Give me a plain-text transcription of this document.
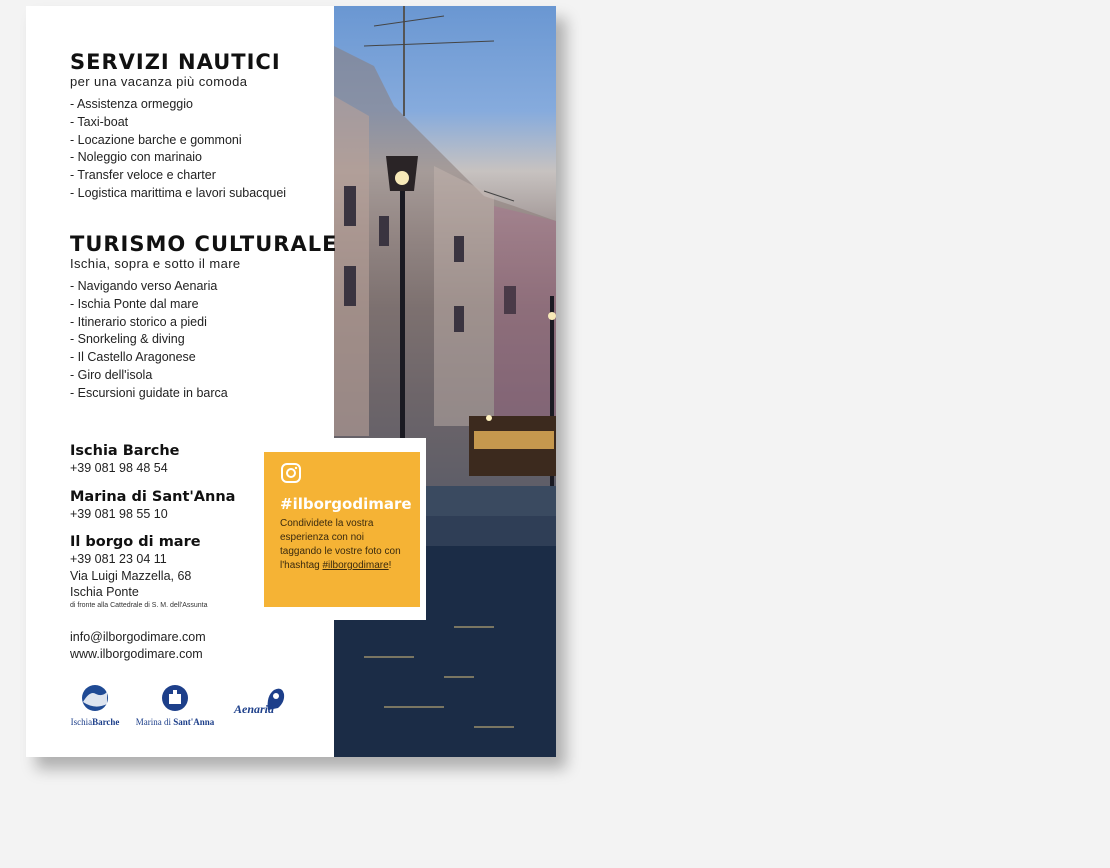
SERVIZI NAUTICI
per una vacanza più comoda
- Assistenza ormeggio
- Taxi-boat
- Locazione barche e gommoni
- Noleggio con marinaio
- Transfer veloce e charter
- Logistica marittima e lavori subacquei
TURISMO CULTURALE
Ischia, sopra e sotto il mare
- Navigando verso Aenaria
- Ischia Ponte dal mare
- Itinerario storico a piedi
- Snorkeling & diving
- Il Castello Aragonese
- Giro dell'isola
- Escursioni guidate in barca
Ischia Barche
+39 081 98 48 54
Marina di Sant'Anna
+39 081 98 55 10
Il borgo di mare
+39 081 23 04 11
Via Luigi Mazzella, 68
Ischia Ponte
di fronte alla Cattedrale di S. M. dell'Assunta
info@ilborgodimare.com
www.ilborgodimare.com
IschiaBarche	Marina di Sant'Anna
Aenaria
#ilborgodimare
Condividete la vostra esperienza con noi taggando le vostre foto con l'hashtag #ilborgodimare!
